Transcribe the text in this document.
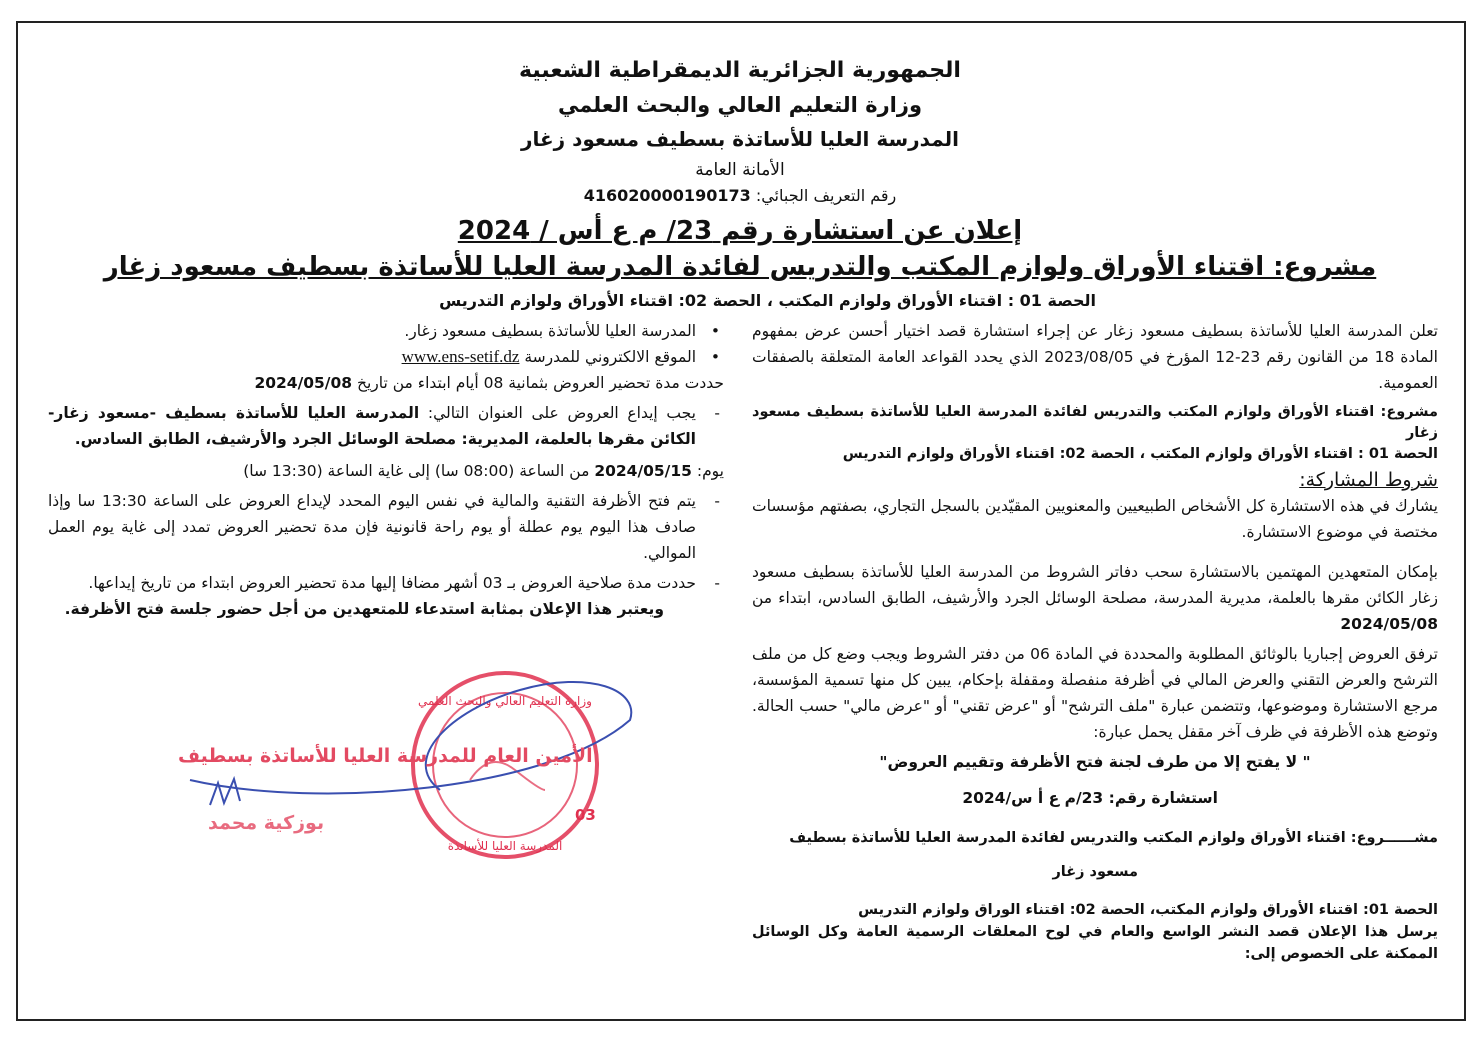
الجمهورية الجزائرية الديمقراطية الشعبية
وزارة التعليم العالي والبحث العلمي
المدرسة العليا للأساتذة بسطيف مسعود زغار
الأمانة العامة
رقم التعريف الجبائي: 416020000190173
إعلان عن استشارة رقم 23/ م ع أس / 2024
مشروع: اقتناء الأوراق ولوازم المكتب والتدريس لفائدة المدرسة العليا للأساتذة بسطيف مسعود زغار
الحصة 01 : اقتناء الأوراق ولوازم المكتب ، الحصة 02: اقتناء الأوراق ولوازم التدريس

تعلن المدرسة العليا للأساتذة بسطيف مسعود زغار عن إجراء استشارة قصد اختيار أحسن عرض بمفهوم المادة 18 من القانون رقم 23-12 المؤرخ في 2023/08/05 الذي يحدد القواعد العامة المتعلقة بالصفقات العمومية.

مشروع: اقتناء الأوراق ولوازم المكتب والتدريس لفائدة المدرسة العليا للأساتذة بسطيف مسعود زغار

الحصة 01 : اقتناء الأوراق ولوازم المكتب ، الحصة 02: اقتناء الأوراق ولوازم التدريس

شروط المشاركة:

يشارك في هذه الاستشارة كل الأشخاص الطبيعيين والمعنويين المقيّدين بالسجل التجاري، بصفتهم مؤسسات مختصة في موضوع الاستشارة.

بإمكان المتعهدين المهتمين بالاستشارة سحب دفاتر الشروط من المدرسة العليا للأساتذة بسطيف مسعود زغار الكائن مقرها بالعلمة، مديرية المدرسة، مصلحة الوسائل الجرد والأرشيف، الطابق السادس، ابتداء من 2024/05/08

ترفق العروض إجباريا بالوثائق المطلوبة والمحددة في المادة 06 من دفتر الشروط ويجب وضع كل من ملف الترشح والعرض التقني والعرض المالي في أظرفة منفصلة ومقفلة بإحكام، يبين كل منها تسمية المؤسسة، مرجع الاستشارة وموضوعها، وتتضمن عبارة "ملف الترشح" أو "عرض تقني" أو "عرض مالي" حسب الحالة. وتوضع هذه الأظرفة في ظرف آخر مقفل يحمل عبارة:

" لا يفتح إلا من طرف لجنة فتح الأظرفة وتقييم العروض"

استشارة رقم: 23/م ع أ س/2024

مشــــــروع: اقتناء الأوراق ولوازم المكتب والتدريس لفائدة المدرسة العليا للأساتذة بسطيف

مسعود زغار

الحصة 01: اقتناء الأوراق ولوازم المكتب، الحصة 02: اقتناء الوراق ولوازم التدريس

يرسل هذا الإعلان قصد النشر الواسع والعام في لوح المعلقات الرسمية العامة وكل الوسائل الممكنة على الخصوص إلى:

• المدرسة العليا للأساتذة بسطيف مسعود زغار.
• الموقع الالكتروني للمدرسة www.ens-setif.dz

حددت مدة تحضير العروض بثمانية 08 أيام ابتداء من تاريخ 2024/05/08

- يجب إيداع العروض على العنوان التالي: المدرسة العليا للأساتذة بسطيف -مسعود زغار- الكائن مقرها بالعلمة، المديرية: مصلحة الوسائل الجرد والأرشيف، الطابق السادس.

يوم: 2024/05/15 من الساعة (08:00 سا) إلى غاية الساعة (13:30 سا)

- يتم فتح الأظرفة التقنية والمالية في نفس اليوم المحدد لإيداع العروض على الساعة 13:30 سا وإذا صادف هذا اليوم يوم عطلة أو يوم راحة قانونية فإن مدة تحضير العروض تمدد إلى غاية يوم العمل الموالي.
- حددت مدة صلاحية العروض بـ 03 أشهر مضافا إليها مدة تحضير العروض ابتداء من تاريخ إيداعها.

ويعتبر هذا الإعلان بمثابة استدعاء للمتعهدين من أجل حضور جلسة فتح الأظرفة.

وزارة التعليم العالي والبحث العلمي
المدرسة العليا للأساتذة
03
الأمين العام للمدرسة العليا للأساتذة بسطيف
بوزكية محمد
